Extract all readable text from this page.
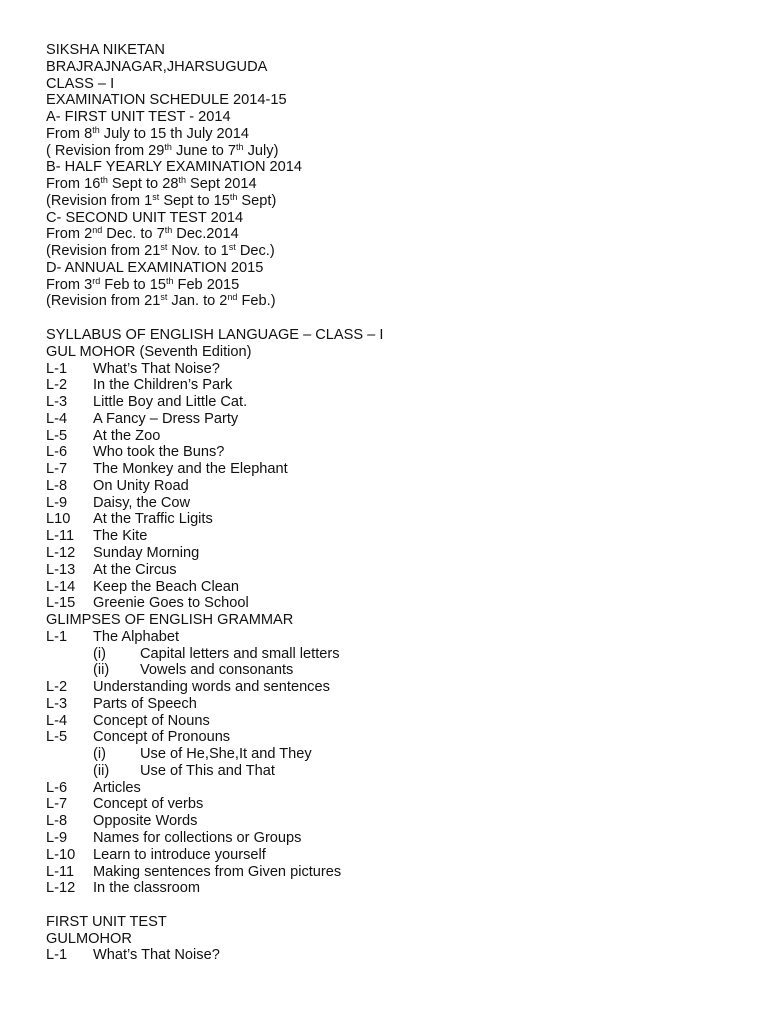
SIKSHA NIKETAN
BRAJRAJNAGAR,JHARSUGUDA
CLASS – I
EXAMINATION SCHEDULE 2014-15
A- FIRST UNIT TEST - 2014
From 8th July to 15 th July 2014
( Revision from 29th June to 7th July)
B- HALF YEARLY EXAMINATION 2014
From 16th Sept to 28th Sept 2014
(Revision from 1st Sept to 15th Sept)
C- SECOND UNIT TEST 2014
From 2nd Dec. to 7th Dec.2014
(Revision from 21st Nov. to 1st Dec.)
D- ANNUAL EXAMINATION 2015
From 3rd Feb to 15th Feb 2015
(Revision from 21st Jan. to 2nd Feb.)
SYLLABUS OF ENGLISH LANGUAGE – CLASS – I
GUL MOHOR (Seventh Edition)
L-1 What’s That Noise?
L-2 In the Children’s Park
L-3 Little Boy and Little Cat.
L-4 A Fancy – Dress Party
L-5 At the Zoo
L-6 Who took the Buns?
L-7 The Monkey and the Elephant
L-8 On Unity Road
L-9 Daisy, the Cow
L10 At the Traffic Ligits
L-11 The Kite
L-12 Sunday Morning
L-13 At the Circus
L-14 Keep the Beach Clean
L-15 Greenie Goes to School
GLIMPSES OF ENGLISH GRAMMAR
L-1 The Alphabet
(i) Capital letters and small letters
(ii) Vowels and consonants
L-2 Understanding words and sentences
L-3 Parts of Speech
L-4 Concept of Nouns
L-5 Concept of Pronouns
(i) Use of He,She,It and They
(ii) Use of This and That
L-6 Articles
L-7 Concept of verbs
L-8 Opposite Words
L-9 Names for collections or Groups
L-10 Learn to introduce yourself
L-11 Making sentences from Given pictures
L-12 In the classroom
FIRST UNIT TEST
GULMOHOR
L-1 What’s That Noise?
